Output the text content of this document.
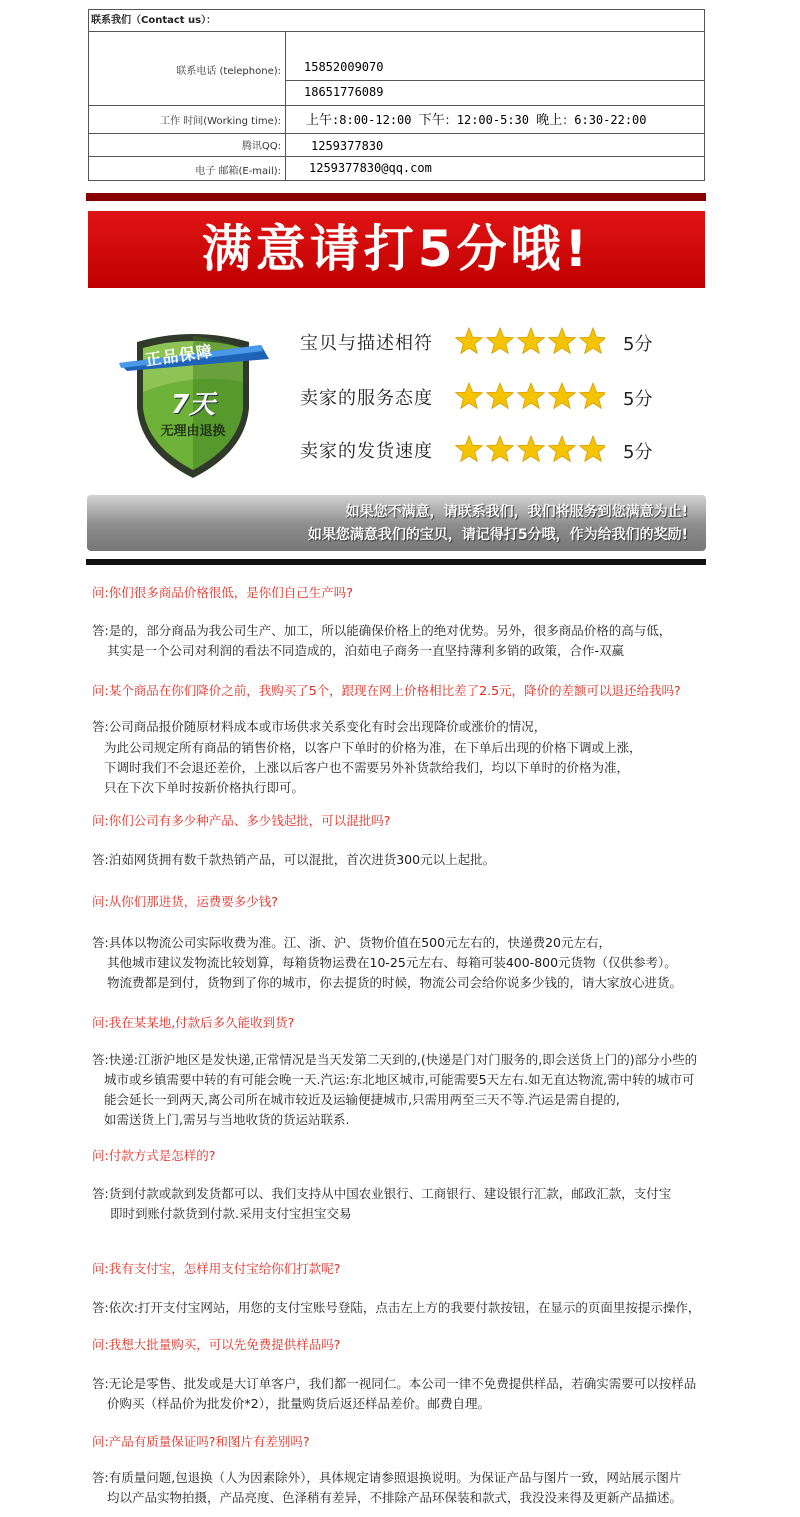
联系我们（Contact us）：
联系电话 (telephone): 15852009070
18651776089
工作 时间(Working time): 上午:8:00-12:00 下午：12:00-5:30 晚上：6:30-22:00
腾讯QQ:	1259377830
电子 邮箱(E-mail): 1259377830@qq.com
满意请打5分哦!
正品保障
7天
无理由退换
宝贝与描述相符	5分
卖家的服务态度	5分
卖家的发货速度	5分
如果您不满意，请联系我们，我们将服务到您满意为止!
如果您满意我们的宝贝，请记得打5分哦，作为给我们的奖励!
问:你们很多商品价格很低，是你们自己生产吗?
答:是的，部分商品为我公司生产、加工，所以能确保价格上的绝对优势。另外，很多商品价格的高与低，
其实是一个公司对利润的看法不同造成的，泊茹电子商务一直坚持薄利多销的政策，合作-双赢
问:某个商品在你们降价之前，我购买了5个，跟现在网上价格相比差了2.5元，降价的差额可以退还给我吗?
答:公司商品报价随原材料成本或市场供求关系变化有时会出现降价或涨价的情况，
为此公司规定所有商品的销售价格，以客户下单时的价格为准，在下单后出现的价格下调或上涨，
下调时我们不会退还差价，上涨以后客户也不需要另外补货款给我们，均以下单时的价格为准，
只在下次下单时按新价格执行即可。
问:你们公司有多少种产品、多少钱起批，可以混批吗?
答:泊茹网货拥有数千款热销产品，可以混批，首次进货300元以上起批。
问:从你们那进货，运费要多少钱?
答:具体以物流公司实际收费为准。江、浙、沪、货物价值在500元左右的，快递费20元左右，
其他城市建议发物流比较划算，每箱货物运费在10-25元左右、每箱可装400-800元货物（仅供参考）。
物流费都是到付，货物到了你的城市，你去提货的时候，物流公司会给你说多少钱的，请大家放心进货。
问:我在某某地,付款后多久能收到货?
答:快递:江浙沪地区是发快递,正常情况是当天发第二天到的,(快递是门对门服务的,即会送货上门的)部分小些的
城市或乡镇需要中转的有可能会晚一天.汽运:东北地区城市,可能需要5天左右.如无直达物流,需中转的城市可
能会延长一到两天,离公司所在城市较近及运输便捷城市,只需用两至三天不等.汽运是需自提的,
如需送货上门,需另与当地收货的货运站联系.
问:付款方式是怎样的?
答:货到付款或款到发货都可以、我们支持从中国农业银行、工商银行、建设银行汇款，邮政汇款，支付宝
即时到账付款货到付款.采用支付宝担宝交易
问:我有支付宝，怎样用支付宝给你们打款呢?
答:依次:打开支付宝网站，用您的支付宝账号登陆，点击左上方的我要付款按钮，在显示的页面里按提示操作，
问:我想大批量购买，可以先免费提供样品吗?
答:无论是零售、批发或是大订单客户，我们都一视同仁。本公司一律不免费提供样品，若确实需要可以按样品
价购买（样品价为批发价*2），批量购货后返还样品差价。邮费自理。
问:产品有质量保证吗?和图片有差别吗?
答:有质量问题,包退换（人为因素除外），具体规定请参照退换说明。为保证产品与图片一致，网站展示图片
均以产品实物拍摄，产品亮度、色泽稍有差异，不排除产品环保装和款式，我没没来得及更新产品描述。
